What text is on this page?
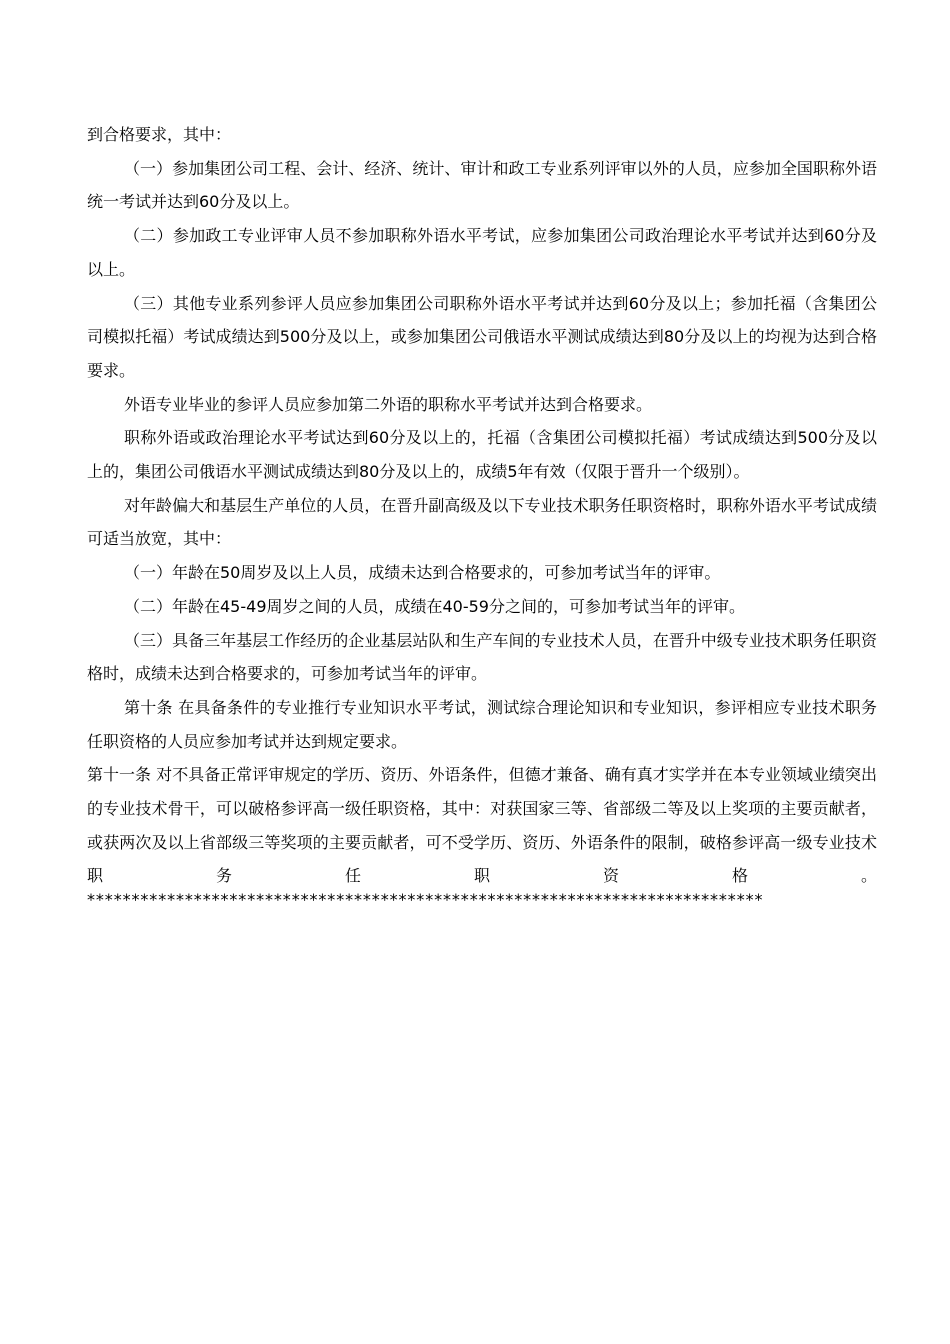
到合格要求，其中：

（一）参加集团公司工程、会计、经济、统计、审计和政工专业系列评审以外的人员，应参加全国职称外语统一考试并达到60分及以上。

（二）参加政工专业评审人员不参加职称外语水平考试，应参加集团公司政治理论水平考试并达到60分及以上。

（三）其他专业系列参评人员应参加集团公司职称外语水平考试并达到60分及以上；参加托福（含集团公司模拟托福）考试成绩达到500分及以上，或参加集团公司俄语水平测试成绩达到80分及以上的均视为达到合格要求。

外语专业毕业的参评人员应参加第二外语的职称水平考试并达到合格要求。

职称外语或政治理论水平考试达到60分及以上的，托福（含集团公司模拟托福）考试成绩达到500分及以上的，集团公司俄语水平测试成绩达到80分及以上的，成绩5年有效（仅限于晋升一个级别）。

对年龄偏大和基层生产单位的人员，在晋升副高级及以下专业技术职务任职资格时，职称外语水平考试成绩可适当放宽，其中：

（一）年龄在50周岁及以上人员，成绩未达到合格要求的，可参加考试当年的评审。

（二）年龄在45-49周岁之间的人员，成绩在40-59分之间的，可参加考试当年的评审。

（三）具备三年基层工作经历的企业基层站队和生产车间的专业技术人员，在晋升中级专业技术职务任职资格时，成绩未达到合格要求的，可参加考试当年的评审。

第十条 在具备条件的专业推行专业知识水平考试，测试综合理论知识和专业知识，参评相应专业技术职务任职资格的人员应参加考试并达到规定要求。

第十一条 对不具备正常评审规定的学历、资历、外语条件，但德才兼备、确有真才实学并在本专业领域业绩突出的专业技术骨干，可以破格参评高一级任职资格，其中：对获国家三等、省部级二等及以上奖项的主要贡献者，或获两次及以上省部级三等奖项的主要贡献者，可不受学历、资历、外语条件的限制，破格参评高一级专业技术职务任职资格。

****************************************************************************
